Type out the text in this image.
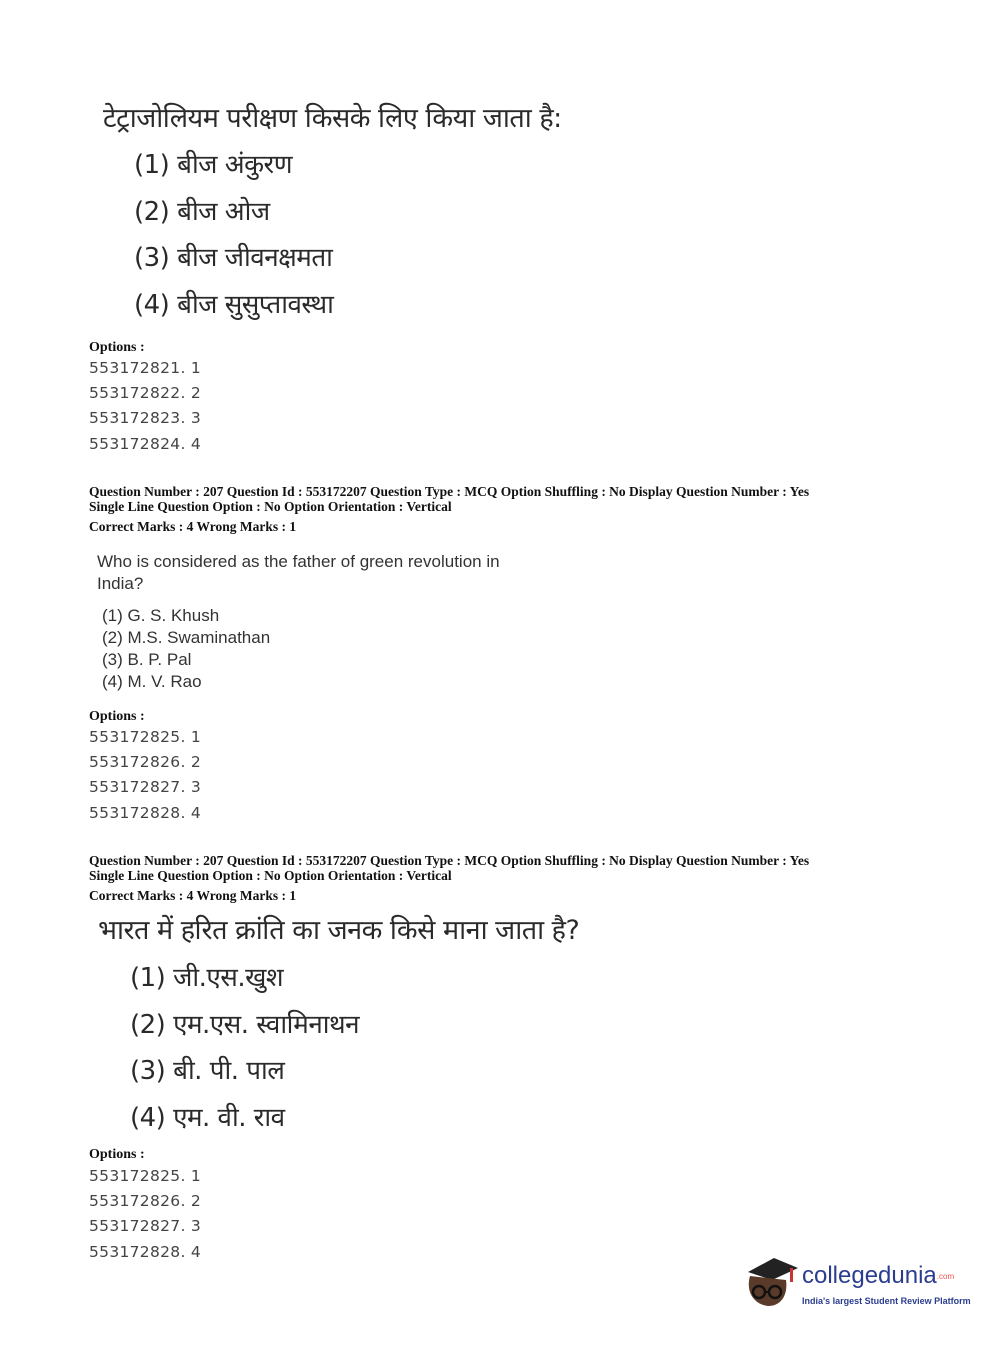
टेट्राजोलियम परीक्षण किसके लिए किया जाता है:
(1) बीज अंकुरण
(2) बीज ओज
(3) बीज जीवनक्षमता
(4) बीज सुसुप्तावस्था
Options :
553172821. 1
553172822. 2
553172823. 3
553172824. 4
Question Number : 207 Question Id : 553172207 Question Type : MCQ Option Shuffling : No Display Question Number : Yes
Single Line Question Option : No Option Orientation : Vertical
Correct Marks : 4 Wrong Marks : 1
Who is considered as the father of green revolution in
India?
(1) G. S. Khush
(2) M.S. Swaminathan
(3) B. P. Pal
(4) M. V. Rao
Options :
553172825. 1
553172826. 2
553172827. 3
553172828. 4
Question Number : 207 Question Id : 553172207 Question Type : MCQ Option Shuffling : No Display Question Number : Yes
Single Line Question Option : No Option Orientation : Vertical
Correct Marks : 4 Wrong Marks : 1
भारत में हरित क्रांति का जनक किसे माना जाता है?
(1) जी.एस.खुश
(2) एम.एस. स्वामिनाथन
(3) बी. पी. पाल
(4) एम. वी. राव
Options :
553172825. 1
553172826. 2
553172827. 3
553172828. 4
collegedunia.com
India's largest Student Review Platform
